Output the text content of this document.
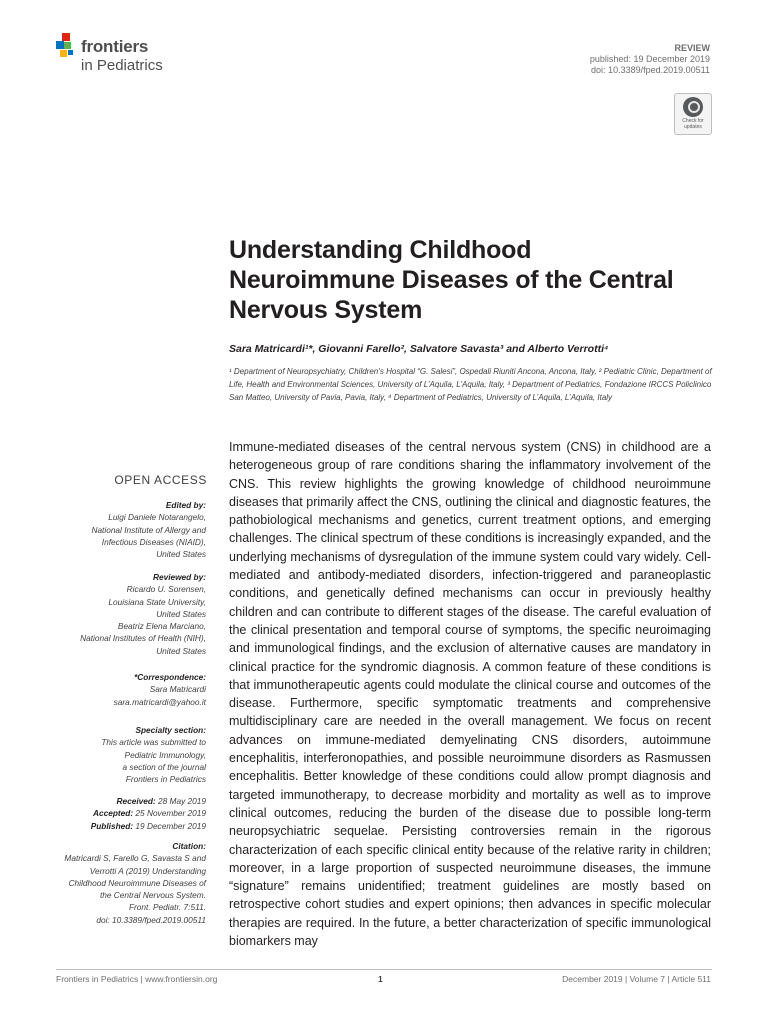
frontiers
in Pediatrics
REVIEW
published: 19 December 2019
doi: 10.3389/fped.2019.00511
Check for
updates
Understanding Childhood Neuroimmune Diseases of the Central Nervous System
Sara Matricardi¹*, Giovanni Farello², Salvatore Savasta³ and Alberto Verrotti⁴
¹ Department of Neuropsychiatry, Children’s Hospital “G. Salesi”, Ospedali Riuniti Ancona, Ancona, Italy, ² Pediatric Clinic, Department of Life, Health and Environmental Sciences, University of L’Aquila, L’Aquila, Italy, ³ Department of Pediatrics, Fondazione IRCCS Policlinico San Matteo, University of Pavia, Pavia, Italy, ⁴ Department of Pediatrics, University of L’Aquila, L’Aquila, Italy
Immune-mediated diseases of the central nervous system (CNS) in childhood are a heterogeneous group of rare conditions sharing the inflammatory involvement of the CNS. This review highlights the growing knowledge of childhood neuroimmune diseases that primarily affect the CNS, outlining the clinical and diagnostic features, the pathobiological mechanisms and genetics, current treatment options, and emerging challenges. The clinical spectrum of these conditions is increasingly expanded, and the underlying mechanisms of dysregulation of the immune system could vary widely. Cell-mediated and antibody-mediated disorders, infection-triggered and paraneoplastic conditions, and genetically defined mechanisms can occur in previously healthy children and can contribute to different stages of the disease. The careful evaluation of the clinical presentation and temporal course of symptoms, the specific neuroimaging and immunological findings, and the exclusion of alternative causes are mandatory in clinical practice for the syndromic diagnosis. A common feature of these conditions is that immunotherapeutic agents could modulate the clinical course and outcomes of the disease. Furthermore, specific symptomatic treatments and comprehensive multidisciplinary care are needed in the overall management. We focus on recent advances on immune-mediated demyelinating CNS disorders, autoimmune encephalitis, interferonopathies, and possible neuroimmune disorders as Rasmussen encephalitis. Better knowledge of these conditions could allow prompt diagnosis and targeted immunotherapy, to decrease morbidity and mortality as well as to improve clinical outcomes, reducing the burden of the disease due to possible long-term neuropsychiatric sequelae. Persisting controversies remain in the rigorous characterization of each specific clinical entity because of the relative rarity in children; moreover, in a large proportion of suspected neuroimmune diseases, the immune “signature” remains unidentified; treatment guidelines are mostly based on retrospective cohort studies and expert opinions; then advances in specific molecular therapies are required. In the future, a better characterization of specific immunological biomarkers may
OPEN ACCESS
Edited by:
Luigi Daniele Notarangelo,
National Institute of Allergy and
Infectious Diseases (NIAID),
United States
Reviewed by:
Ricardo U. Sorensen,
Louisiana State University,
United States
Beatriz Elena Marciano,
National Institutes of Health (NIH),
United States
*Correspondence:
Sara Matricardi
sara.matricardi@yahoo.it
Specialty section:
This article was submitted to
Pediatric Immunology,
a section of the journal
Frontiers in Pediatrics
Received: 28 May 2019
Accepted: 25 November 2019
Published: 19 December 2019
Citation:
Matricardi S, Farello G, Savasta S and
Verrotti A (2019) Understanding
Childhood Neuroimmune Diseases of
the Central Nervous System.
Front. Pediatr. 7:511.
doi: 10.3389/fped.2019.00511
Frontiers in Pediatrics | www.frontiersin.org	1	December 2019 | Volume 7 | Article 511
